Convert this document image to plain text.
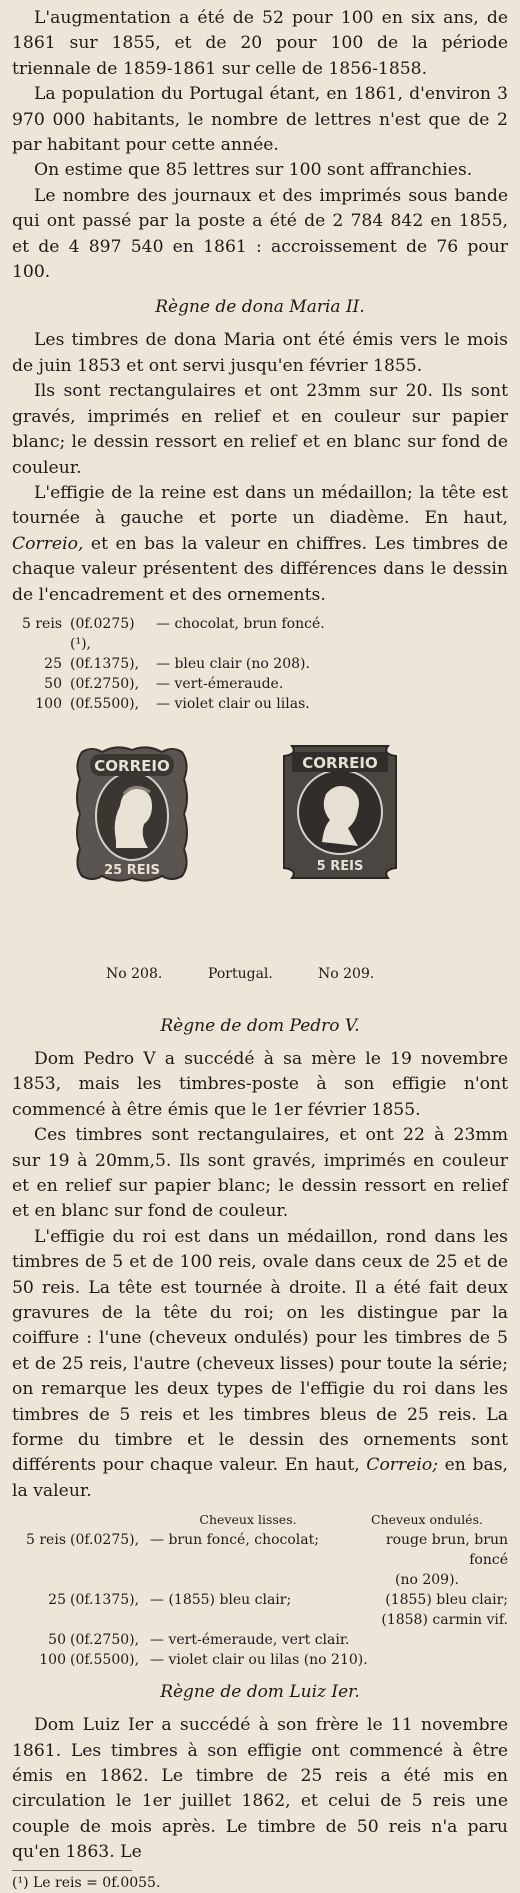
L'augmentation a été de 52 pour 100 en six ans, de 1861 sur 1855, et de 20 pour 100 de la période triennale de 1859-1861 sur celle de 1856-1858.

La population du Portugal étant, en 1861, d'environ 3 970 000 habitants, le nombre de lettres n'est que de 2 par habitant pour cette année.

On estime que 85 lettres sur 100 sont affranchies.

Le nombre des journaux et des imprimés sous bande qui ont passé par la poste a été de 2 784 842 en 1855, et de 4 897 540 en 1861 : accroissement de 76 pour 100.

Règne de dona Maria II.

Les timbres de dona Maria ont été émis vers le mois de juin 1853 et ont servi jusqu'en février 1855.

Ils sont rectangulaires et ont 23mm sur 20. Ils sont gravés, imprimés en relief et en couleur sur papier blanc; le dessin ressort en relief et en blanc sur fond de couleur.

L'effigie de la reine est dans un médaillon; la tête est tournée à gauche et porte un diadème. En haut, Correio, et en bas la valeur en chiffres. Les timbres de chaque valeur présentent des différences dans le dessin de l'encadrement et des ornements.

5 reis (0f.0275) (¹),
— chocolat, brun foncé.
25 (0f.1375),	— bleu clair (no 208).
50 (0f.2750),	— vert-émeraude.
100 (0f.5500),	— violet clair ou lilas.
CORREIO
25 REIS
CORREIO
5 REIS
No 208.	Portugal.	No 209.
Règne de dom Pedro V.

Dom Pedro V a succédé à sa mère le 19 novembre 1853, mais les timbres-poste à son effigie n'ont commencé à être émis que le 1er février 1855.

Ces timbres sont rectangulaires, et ont 22 à 23mm sur 19 à 20mm,5. Ils sont gravés, imprimés en couleur et en relief sur papier blanc; le dessin ressort en relief et en blanc sur fond de couleur.

L'effigie du roi est dans un médaillon, rond dans les timbres de 5 et de 100 reis, ovale dans ceux de 25 et de 50 reis. La tête est tournée à droite. Il a été fait deux gravures de la tête du roi; on les distingue par la coiffure : l'une (cheveux ondulés) pour les timbres de 5 et de 25 reis, l'autre (cheveux lisses) pour toute la série; on remarque les deux types de l'effigie du roi dans les timbres de 5 reis et les timbres bleus de 25 reis. La forme du timbre et le dessin des ornements sont différents pour chaque valeur. En haut, Correio; en bas, la valeur.

Cheveux lisses.	Cheveux ondulés.
5 reis (0f.0275), — brun foncé, chocolat;	rouge brun, brun foncé
(no 209).
25 (0f.1375), — (1855) bleu clair;	(1855) bleu clair;
(1858) carmin vif.
50 (0f.2750), — vert-émeraude, vert clair.
100 (0f.5500), — violet clair ou lilas (no 210).
Règne de dom Luiz Ier.

Dom Luiz Ier a succédé à son frère le 11 novembre 1861. Les timbres à son effigie ont commencé à être émis en 1862. Le timbre de 25 reis a été mis en circulation le 1er juillet 1862, et celui de 5 reis une couple de mois après. Le timbre de 50 reis n'a paru qu'en 1863. Le

(¹) Le reis = 0f.0055.
